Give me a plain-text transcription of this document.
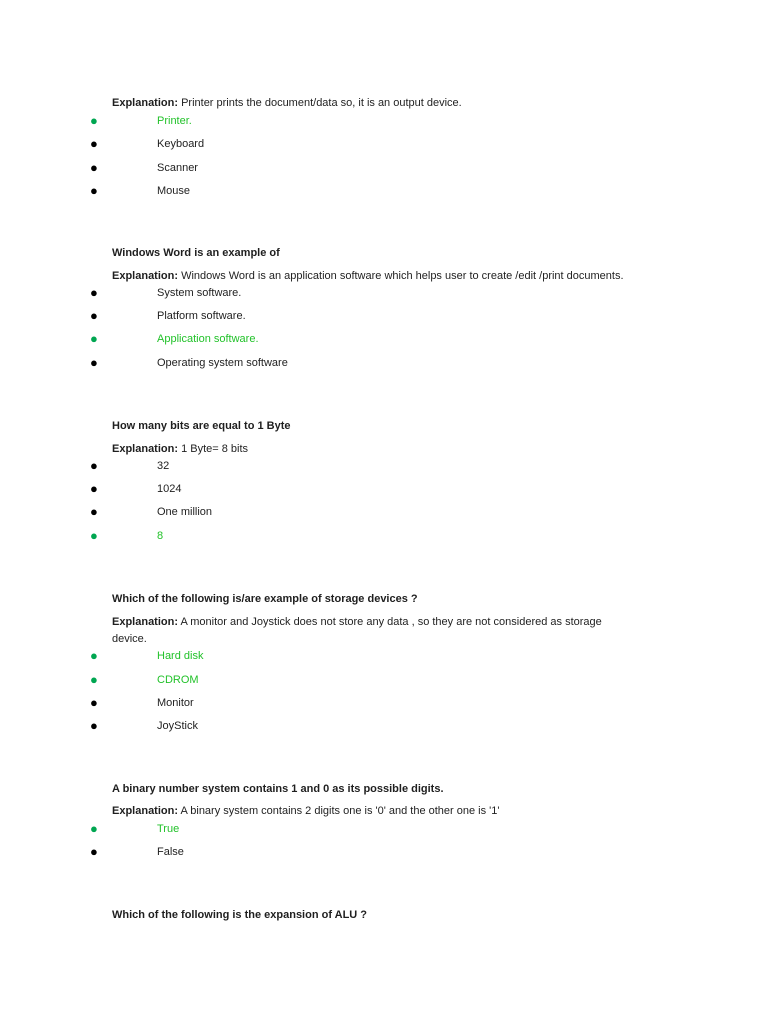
Explanation: Printer prints the document/data so, it is an output device.
●	Printer.
●	Keyboard
●	Scanner
●	Mouse
Windows Word is an example of
Explanation: Windows Word is an application software which helps user to create /edit /print documents.
●	System software.
●	Platform software.
●	Application software.
●	Operating system software
How many bits are equal to 1 Byte
Explanation: 1 Byte= 8 bits
●	32
●	1024
●	One million
●	8
Which of the following is/are example of storage devices ?
Explanation: A monitor and Joystick does not store any data , so they are not considered as storage device.
●	Hard disk
●	CDROM
●	Monitor
●	JoyStick
A binary number system contains 1 and 0 as its possible digits.
Explanation: A binary system contains 2 digits one is '0' and the other one is '1'
●	True
●	False
Which of the following is the expansion of ALU ?
